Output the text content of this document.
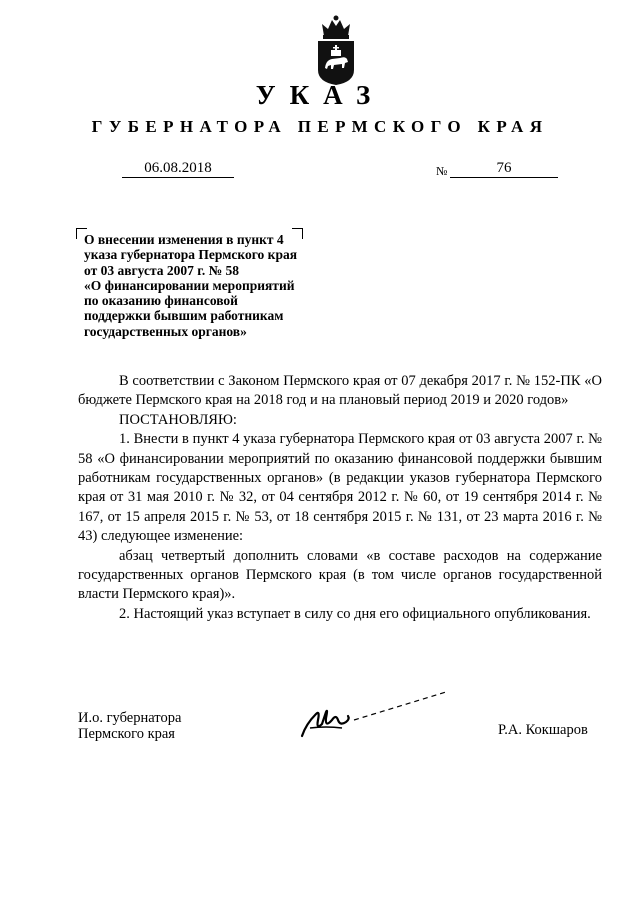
УКАЗ
ГУБЕРНАТОРА ПЕРМСКОГО КРАЯ
06.08.2018	№	76
О внесении изменения в пункт 4
указа губернатора Пермского края
от 03 августа 2007 г. № 58
«О финансировании мероприятий
по оказанию финансовой
поддержки бывшим работникам
государственных органов»

В соответствии с Законом Пермского края от 07 декабря 2017 г. № 152-ПК «О бюджете Пермского края на 2018 год и на плановый период 2019 и 2020 годов»

ПОСТАНОВЛЯЮ:

1. Внести в пункт 4 указа губернатора Пермского края от 03 августа 2007 г. № 58 «О финансировании мероприятий по оказанию финансовой поддержки бывшим работникам государственных органов» (в редакции указов губернатора Пермского края от 31 мая 2010 г. № 32, от 04 сентября 2012 г. № 60, от 19 сентября 2014 г. № 167, от 15 апреля 2015 г. № 53, от 18 сентября 2015 г. № 131, от 23 марта 2016 г. № 43) следующее изменение:

абзац четвертый дополнить словами «в составе расходов на содержание государственных органов Пермского края (в том числе органов государственной власти Пермского края)».

2. Настоящий указ вступает в силу со дня его официального опубликования.

И.о. губернатора
Пермского края	Р.А. Кокшаров
